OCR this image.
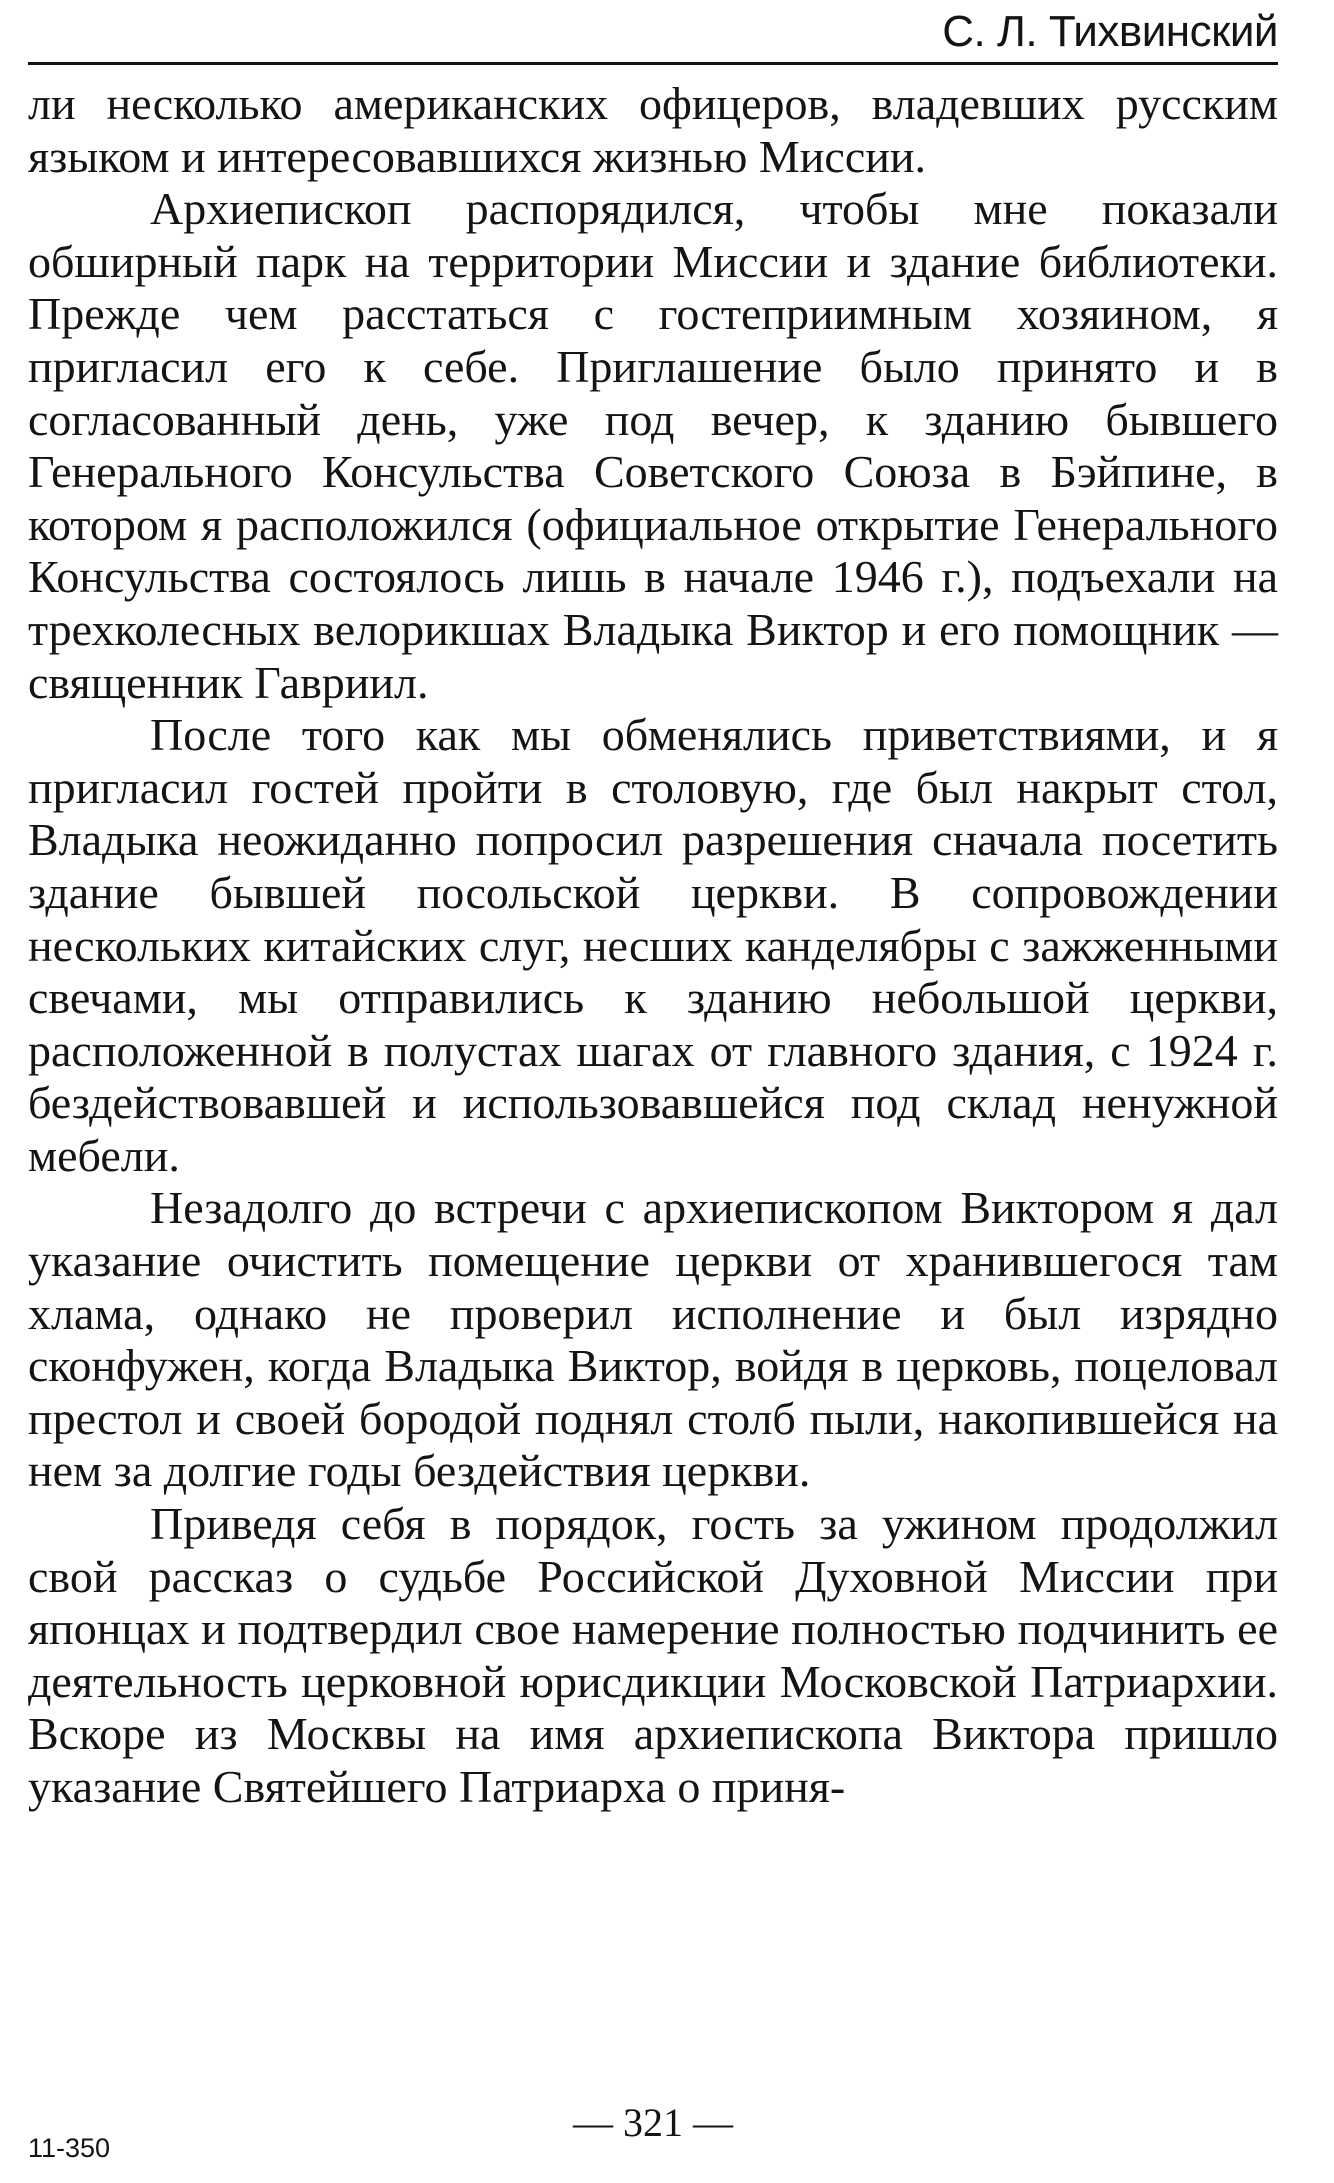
С. Л. Тихвинский

ли несколько американских офицеров, владевших русским языком и интересовавшихся жизнью Миссии.

Архиепископ распорядился, чтобы мне показали обширный парк на территории Миссии и здание библиотеки. Прежде чем расстаться с гостеприимным хозяином, я пригласил его к себе. Приглашение было принято и в согласованный день, уже под вечер, к зданию бывшего Генерального Консульства Советского Союза в Бэйпине, в котором я расположился (официальное открытие Генерального Консульства состоялось лишь в начале 1946 г.), подъехали на трехколесных велорикшах Владыка Виктор и его помощник — священник Гавриил.

После того как мы обменялись приветствиями, и я пригласил гостей пройти в столовую, где был накрыт стол, Владыка неожиданно попросил разрешения сначала посетить здание бывшей посольской церкви. В сопровождении нескольких китайских слуг, несших канделябры с зажженными свечами, мы отправились к зданию небольшой церкви, расположенной в полустах шагах от главного здания, с 1924 г. бездействовавшей и использовавшейся под склад ненужной мебели.

Незадолго до встречи с архиепископом Виктором я дал указание очистить помещение церкви от хранившегося там хлама, однако не проверил исполнение и был изрядно сконфужен, когда Владыка Виктор, войдя в церковь, поцеловал престол и своей бородой поднял столб пыли, накопившейся на нем за долгие годы бездействия церкви.

Приведя себя в порядок, гость за ужином продолжил свой рассказ о судьбе Российской Духовной Миссии при японцах и подтвердил свое намерение полностью подчинить ее деятельность церковной юрисдикции Московской Патриархии. Вскоре из Москвы на имя архиепископа Виктора пришло указание Святейшего Патриарха о приня-

— 321 —
11-350
